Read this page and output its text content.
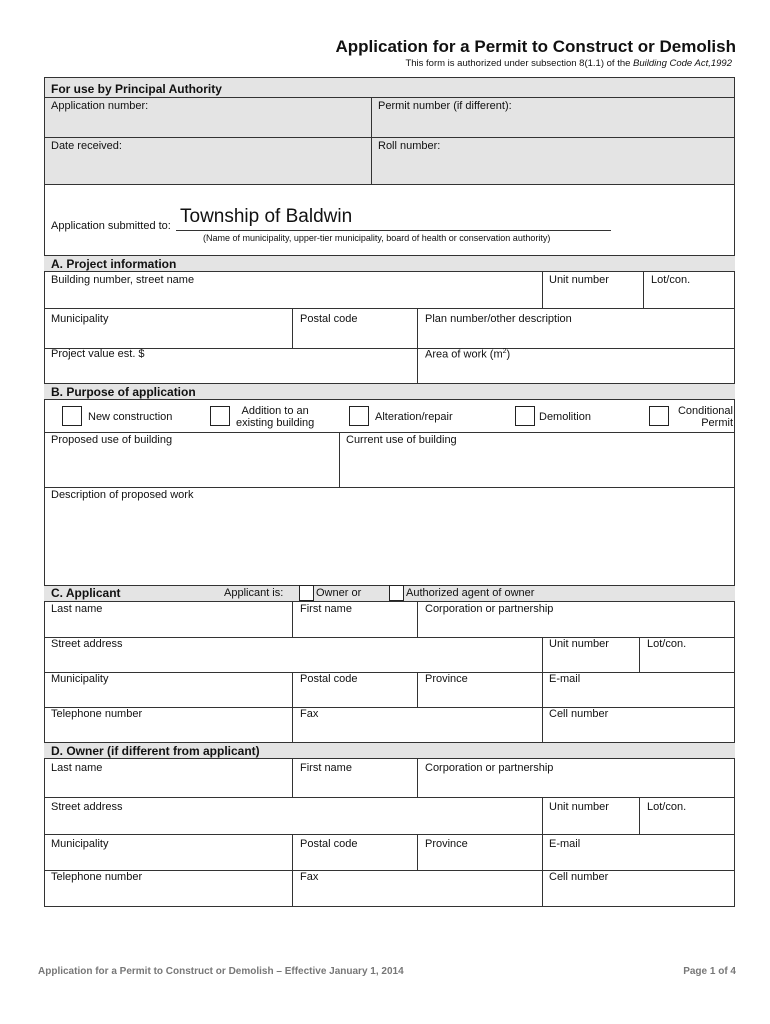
Application for a Permit to Construct or Demolish
This form is authorized under subsection 8(1.1) of the Building Code Act,1992
For use by Principal Authority
Application number:	Permit number (if different):
Date received:	Roll number:
Application submitted to: Township of Baldwin
(Name of municipality, upper-tier municipality, board of health or conservation authority)
A. Project information
Building number, street name	Unit number	Lot/con.
Municipality	Postal code	Plan number/other description
Project value est. $	Area of work $(m^2)$
B. Purpose of application
New construction	Addition to an
existing building	Alteration/repair	Demolition	Conditional
Permit
Proposed use of building	Current use of building
Description of proposed work
C. Applicant	Applicant is:	Owner or	Authorized agent of owner
Last name	First name	Corporation or partnership
Street address	Unit number	Lot/con.
Municipality	Postal code	Province	E-mail
Telephone number	Fax	Cell number
D. Owner (if different from applicant)
Last name	First name	Corporation or partnership
Street address	Unit number	Lot/con.
Municipality	Postal code	Province	E-mail
Telephone number	Fax	Cell number
Application for a Permit to Construct or Demolish – Effective January 1, 2014	Page 1 of 4
